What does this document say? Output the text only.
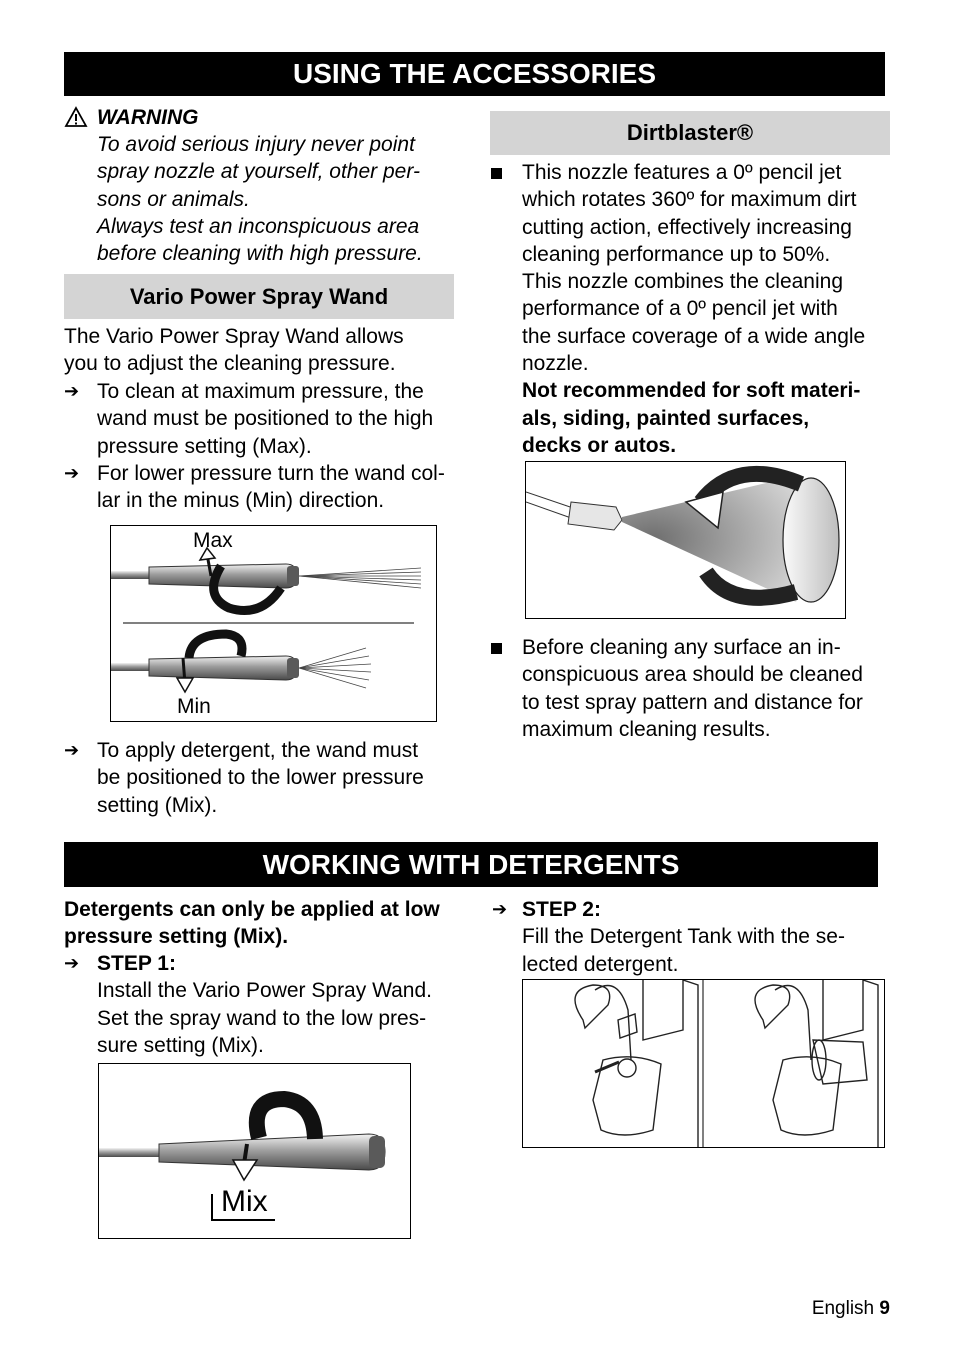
USING THE ACCESSORIES
WARNING
To avoid serious injury never point
spray nozzle at yourself, other per-
sons or animals.
Always test an inconspicuous area
before cleaning with high pressure.
Vario Power Spray Wand
The Vario Power Spray Wand allows
you to adjust the cleaning pressure.
➔ To clean at maximum pressure, the
wand must be positioned to the high
pressure setting (Max).
➔ For lower pressure turn the wand col-
lar in the minus (Min) direction.
Max
Min
➔ To apply detergent, the wand must
be positioned to the lower pressure
setting (Mix).
Dirtblaster®
This nozzle features a 0º pencil jet
which rotates 360º for maximum dirt
cutting action, effectively increasing
cleaning performance up to 50%.
This nozzle combines the cleaning
performance of a 0º pencil jet with
the surface coverage of a wide angle
nozzle.
Not recommended for soft materi-
als, siding, painted surfaces,
decks or autos.
Before cleaning any surface an in-
conspicuous area should be cleaned
to test spray pattern and distance for
maximum cleaning results.
WORKING WITH DETERGENTS
Detergents can only be applied at low
pressure setting (Mix).
➔ STEP 1:
Install the Vario Power Spray Wand.
Set the spray wand to the low pres-
sure setting (Mix).
Mix
➔ STEP 2:
Fill the Detergent Tank with the se-
lected detergent.
English 9
